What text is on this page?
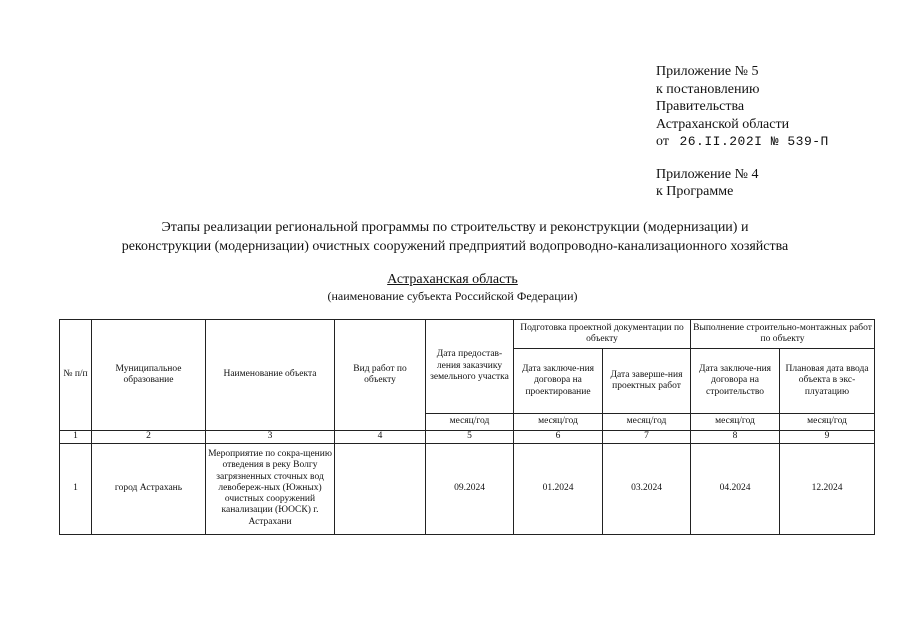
Приложение № 5
к постановлению
Правительства
Астраханской области
от 26.II.202I № 539-П
Приложение № 4
к Программе
Этапы реализации региональной программы по строительству и реконструкции (модернизации) и
реконструкции (модернизации) очистных сооружений предприятий водопроводно-канализационного хозяйства
Астраханская область
(наименование субъекта Российской Федерации)
№ п/п	Муниципальное образование	Наименование объекта	Вид работ по объекту	Дата предостав-ления заказчику земельного участка	Подготовка проектной документации по объекту		Выполнение строительно-монтажных работ по объекту	
					Дата заключе-ния договора на проектирование	Дата заверше-ния проектных работ	Дата заключе-ния договора на строительство	Плановая дата ввода объекта в экс-плуатацию
				месяц/год	месяц/год	месяц/год	месяц/год	месяц/год
1	2	3	4	5	6	7	8	9
1	город Астрахань	Мероприятие по сокра-щению отведения в реку Волгу загрязненных сточных вод левобереж-ных (Южных) очистных сооружений канализации (ЮОСК) г. Астрахани		09.2024	01.2024	03.2024	04.2024	12.2024
